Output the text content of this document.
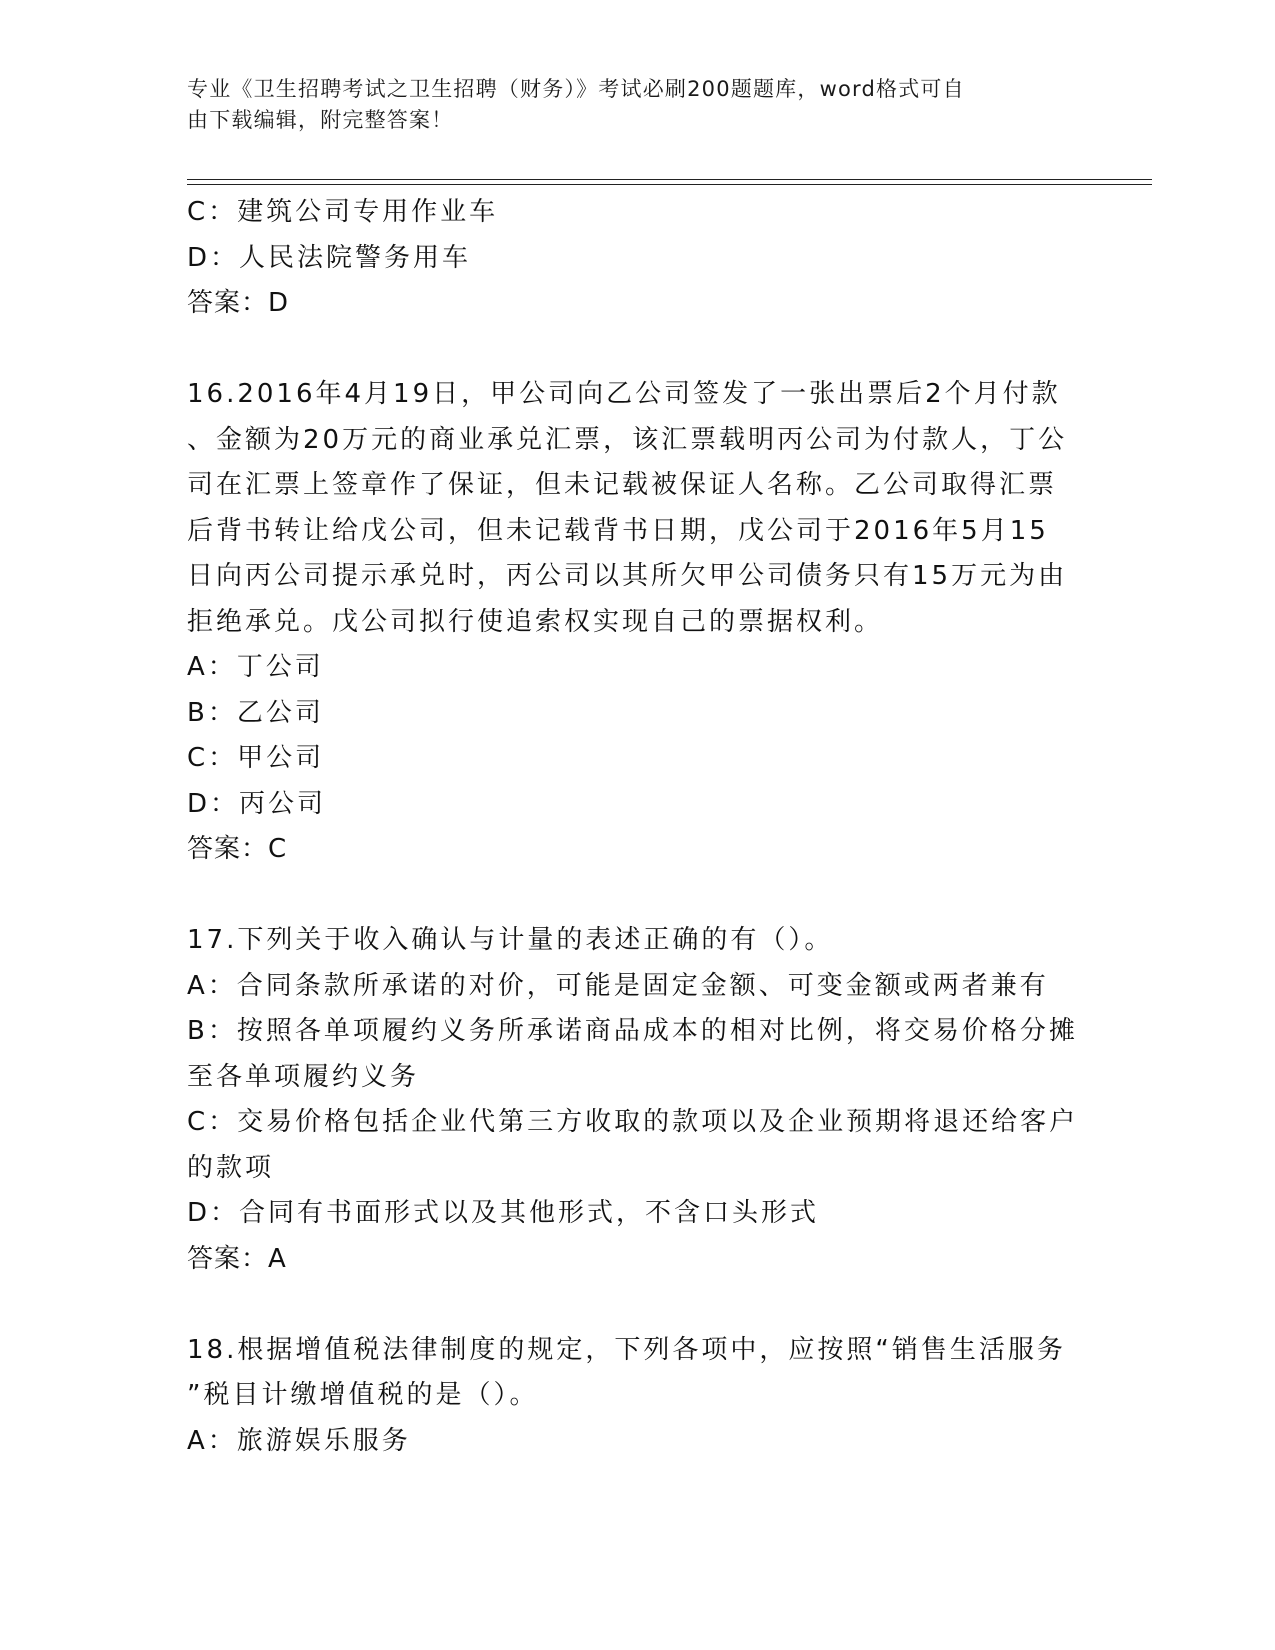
专业《卫生招聘考试之卫生招聘（财务）》考试必刷200题题库，word格式可自
由下载编辑，附完整答案！
C：建筑公司专用作业车
D：人民法院警务用车
答案：D
16.2016年4月19日，甲公司向乙公司签发了一张出票后2个月付款
、金额为20万元的商业承兑汇票，该汇票载明丙公司为付款人，丁公
司在汇票上签章作了保证，但未记载被保证人名称。乙公司取得汇票
后背书转让给戊公司，但未记载背书日期，戊公司于2016年5月15
日向丙公司提示承兑时，丙公司以其所欠甲公司债务只有15万元为由
拒绝承兑。戊公司拟行使追索权实现自己的票据权利。
A：丁公司
B：乙公司
C：甲公司
D：丙公司
答案：C
17.下列关于收入确认与计量的表述正确的有（）。
A：合同条款所承诺的对价，可能是固定金额、可变金额或两者兼有
B：按照各单项履约义务所承诺商品成本的相对比例，将交易价格分摊
至各单项履约义务
C：交易价格包括企业代第三方收取的款项以及企业预期将退还给客户
的款项
D：合同有书面形式以及其他形式，不含口头形式
答案：A
18.根据增值税法律制度的规定，下列各项中，应按照“销售生活服务
”税目计缴增值税的是（）。
A：旅游娱乐服务
